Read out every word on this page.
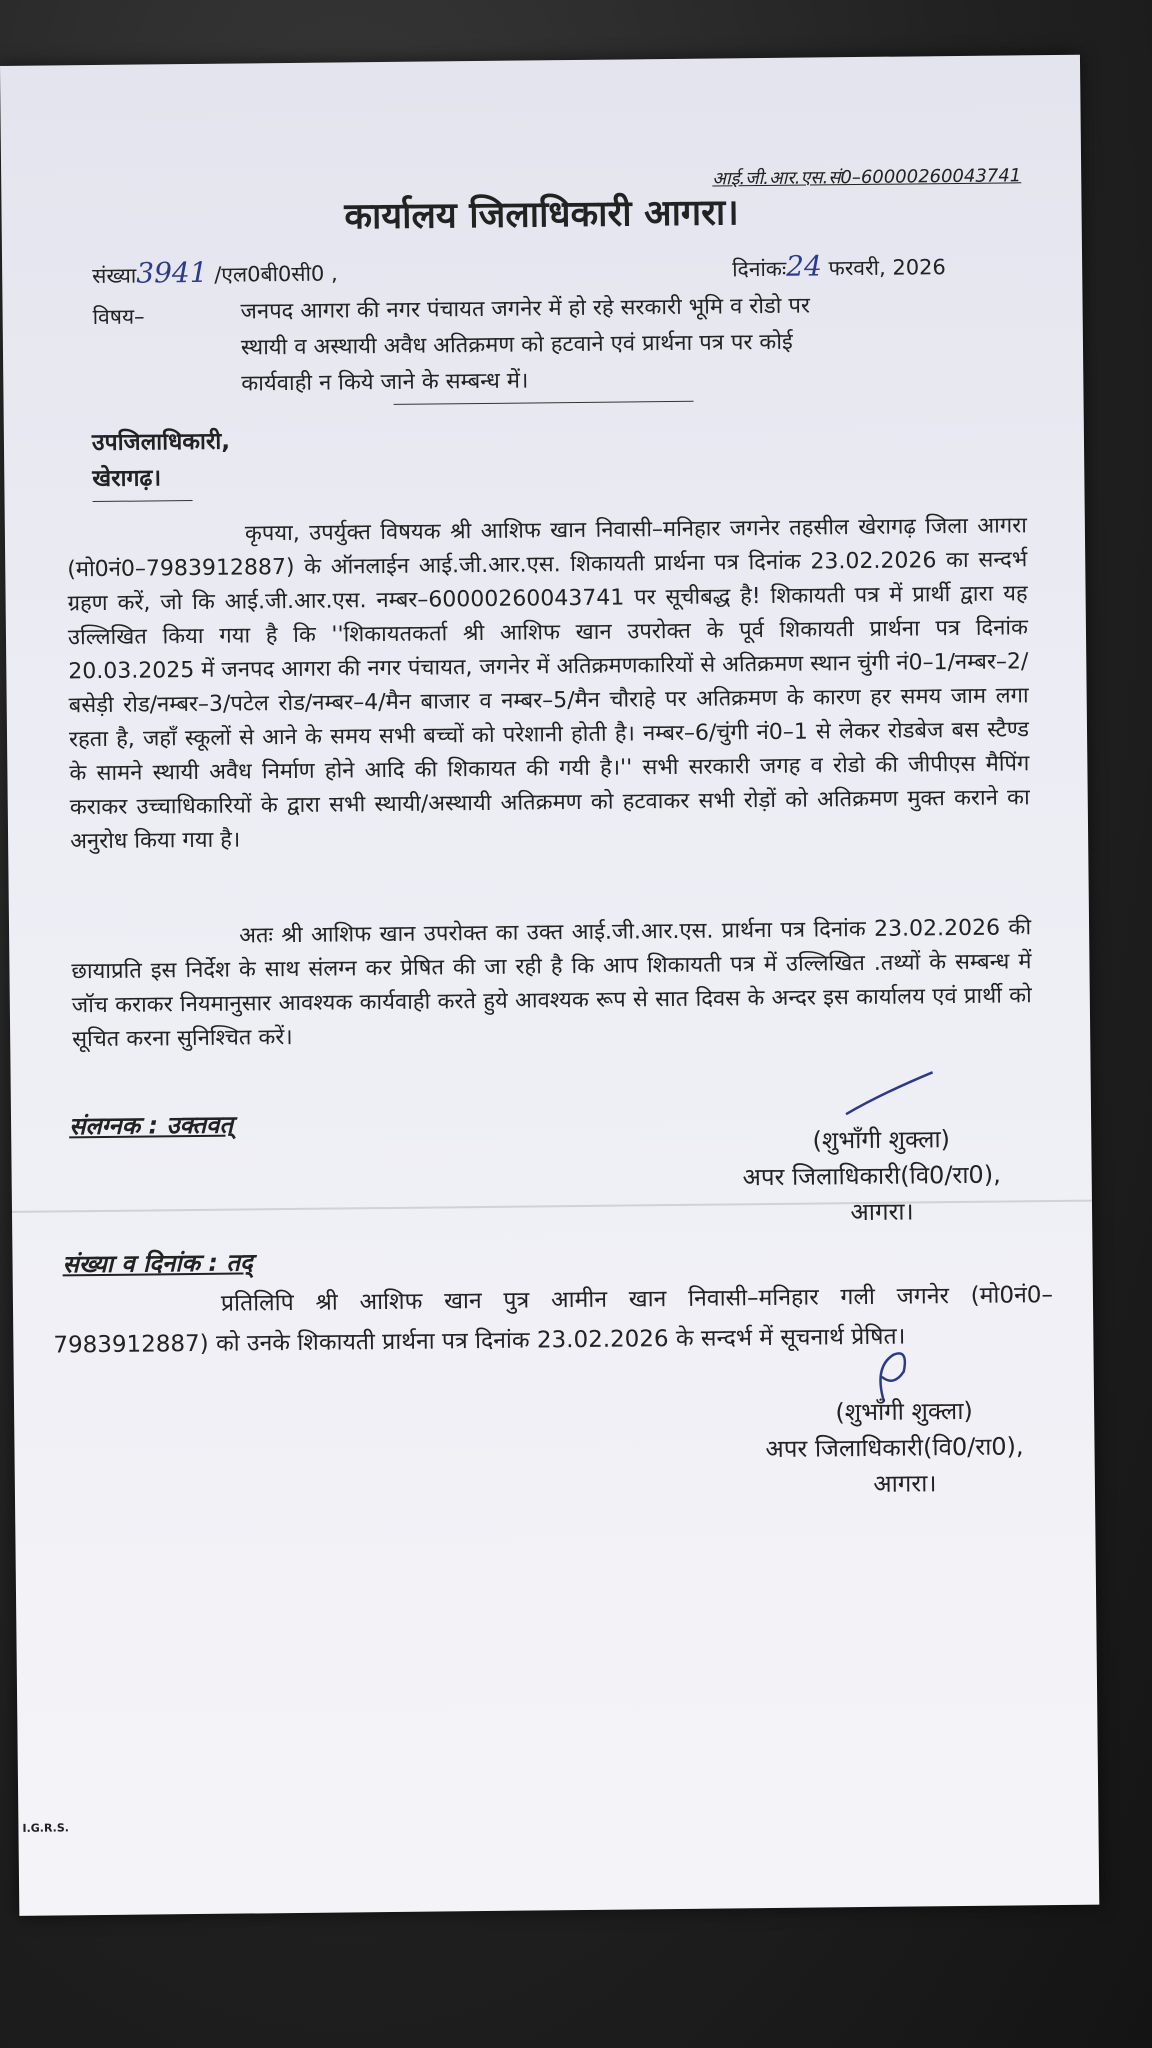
आई.जी.आर.एस.सं0–60000260043741
कार्यालय जिलाधिकारी आगरा।
संख्या3941 /एल0बी0सी0 ,	दिनांकः24 फरवरी, 2026
विषय–	जनपद आगरा की नगर पंचायत जगनेर में हो रहे सरकारी भूमि व रोडो पर
स्थायी व अस्थायी अवैध अतिक्रमण को हटवाने एवं प्रार्थना पत्र पर कोई
कार्यवाही न किये जाने के सम्बन्ध में।
उपजिलाधिकारी,
खेरागढ़।
कृपया, उपर्युक्त विषयक श्री आशिफ खान निवासी–मनिहार जगनेर तहसील खेरागढ़ जिला आगरा (मो0नं0–7983912887) के ऑनलाईन आई.जी.आर.एस. शिकायती प्रार्थना पत्र दिनांक 23.02.2026 का सन्दर्भ ग्रहण करें, जो कि आई.जी.आर.एस. नम्बर–60000260043741 पर सूचीबद्ध है! शिकायती पत्र में प्रार्थी द्वारा यह उल्लिखित किया गया है कि ''शिकायतकर्ता श्री आशिफ खान उपरोक्त के पूर्व शिकायती प्रार्थना पत्र दिनांक 20.03.2025 में जनपद आगरा की नगर पंचायत, जगनेर में अतिक्रमणकारियों से अतिक्रमण स्थान चुंगी नं0–1/नम्बर–2/बसेड़ी रोड/नम्बर–3/पटेल रोड/नम्बर–4/मैन बाजार व नम्बर–5/मैन चौराहे पर अतिक्रमण के कारण हर समय जाम लगा रहता है, जहाँ स्कूलों से आने के समय सभी बच्चों को परेशानी होती है। नम्बर–6/चुंगी नं0–1 से लेकर रोडबेज बस स्टैण्ड के सामने स्थायी अवैध निर्माण होने आदि की शिकायत की गयी है।'' सभी सरकारी जगह व रोडो की जीपीएस मैपिंग कराकर उच्चाधिकारियों के द्वारा सभी स्थायी/अस्थायी अतिक्रमण को हटवाकर सभी रोड़ों को अतिक्रमण मुक्त कराने का अनुरोध किया गया है।
अतः श्री आशिफ खान उपरोक्त का उक्त आई.जी.आर.एस. प्रार्थना पत्र दिनांक 23.02.2026 की छायाप्रति इस निर्देश के साथ संलग्न कर प्रेषित की जा रही है कि आप शिकायती पत्र में उल्लिखित .तथ्यों के सम्बन्ध में जॉच कराकर नियमानुसार आवश्यक कार्यवाही करते हुये आवश्यक रूप से सात दिवस के अन्दर इस कार्यालय एवं प्रार्थी को सूचित करना सुनिश्चित करें।
संलग्नक : उक्तवत्	(शुभाँगी शुक्ला)
अपर जिलाधिकारी(वि0/रा0),
आगरा।
संख्या व दिनांक : तद्
प्रतिलिपि श्री आशिफ खान पुत्र आमीन खान निवासी–मनिहार गली जगनेर (मो0नं0–7983912887) को उनके शिकायती प्रार्थना पत्र दिनांक 23.02.2026 के सन्दर्भ में सूचनार्थ प्रेषित।
(शुभाँगी शुक्ला)
अपर जिलाधिकारी(वि0/रा0),
आगरा।
I.G.R.S.
